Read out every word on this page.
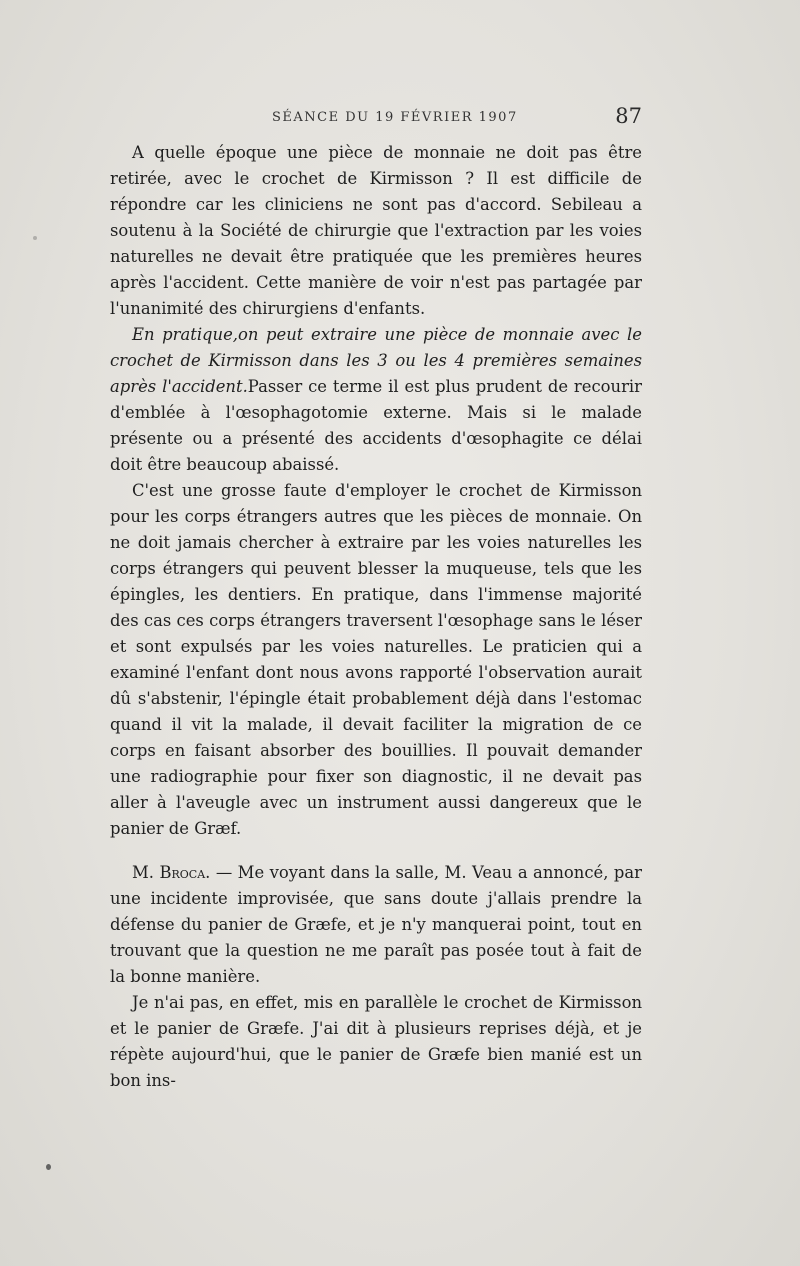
SÉANCE DU 19 FÉVRIER 1907	87

A quelle époque une pièce de monnaie ne doit pas être retirée, avec le crochet de Kirmisson ? Il est difficile de répondre car les cliniciens ne sont pas d'accord. Sebileau a soutenu à la Société de chirurgie que l'extraction par les voies naturelles ne devait être pratiquée que les premières heures après l'accident. Cette manière de voir n'est pas partagée par l'unanimité des chirurgiens d'enfants.

En pratique,on peut extraire une pièce de monnaie avec le crochet de Kirmisson dans les 3 ou les 4 premières semaines après l'accident.Passer ce terme il est plus prudent de recourir d'emblée à l'œsophagotomie externe. Mais si le malade présente ou a présenté des accidents d'œsophagite ce délai doit être beaucoup abaissé.

C'est une grosse faute d'employer le crochet de Kirmisson pour les corps étrangers autres que les pièces de monnaie. On ne doit jamais chercher à extraire par les voies naturelles les corps étrangers qui peuvent blesser la muqueuse, tels que les épingles, les dentiers. En pratique, dans l'immense majorité des cas ces corps étrangers traversent l'œsophage sans le léser et sont expulsés par les voies naturelles. Le praticien qui a examiné l'enfant dont nous avons rapporté l'observation aurait dû s'abstenir, l'épingle était probablement déjà dans l'estomac quand il vit la malade, il devait faciliter la migration de ce corps en faisant absorber des bouillies. Il pouvait demander une radiographie pour fixer son diagnostic, il ne devait pas aller à l'aveugle avec un instrument aussi dangereux que le panier de Græf.

M. Broca. — Me voyant dans la salle, M. Veau a annoncé, par une incidente improvisée, que sans doute j'allais prendre la défense du panier de Græfe, et je n'y manquerai point, tout en trouvant que la question ne me paraît pas posée tout à fait de la bonne manière.

Je n'ai pas, en effet, mis en parallèle le crochet de Kirmisson et le panier de Græfe. J'ai dit à plusieurs reprises déjà, et je répète aujourd'hui, que le panier de Græfe bien manié est un bon ins-
